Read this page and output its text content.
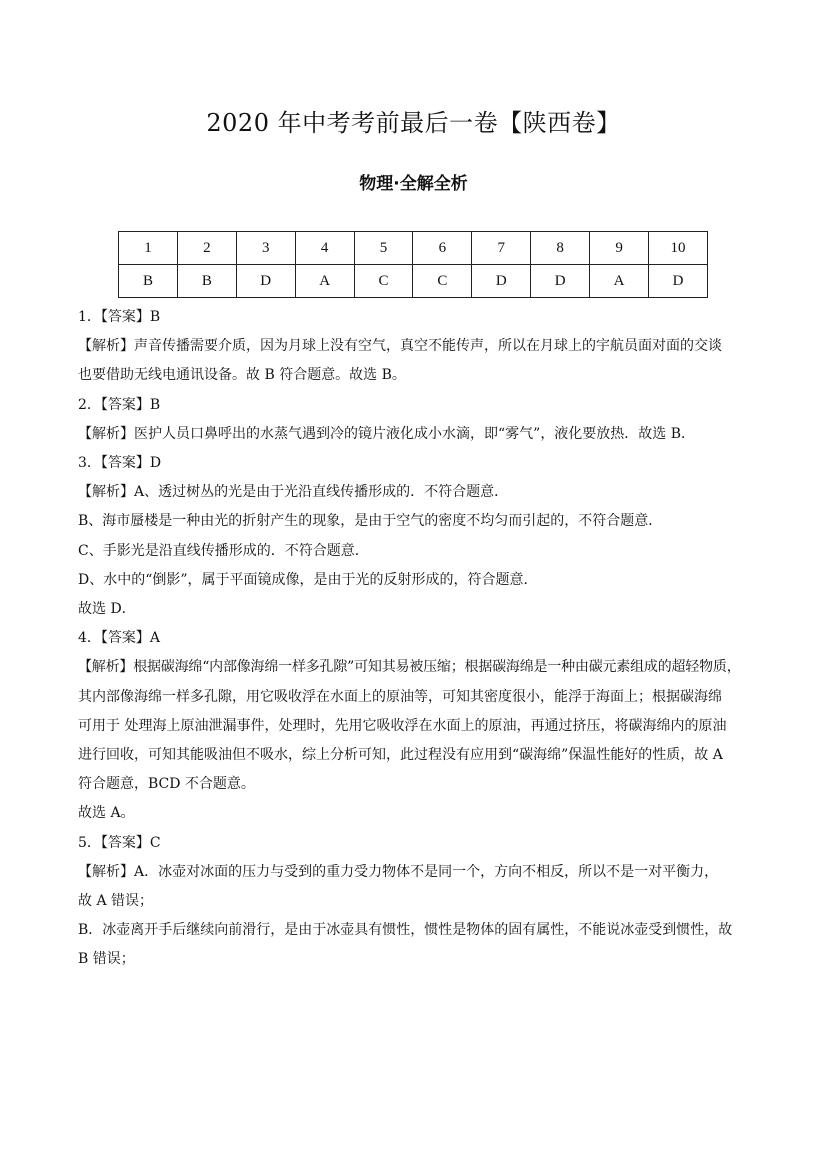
2020 年中考考前最后一卷【陕西卷】
物理·全解全析
1	2	3	4	5	6	7	8	9	10
B	B	D	A	C	C	D	D	A	D

1．【答案】B

【解析】声音传播需要介质，因为月球上没有空气，真空不能传声，所以在月球上的宇航员面对面的交谈

也要借助无线电通讯设备。故 B 符合题意。故选 B。

2．【答案】B

【解析】医护人员口鼻呼出的水蒸气遇到冷的镜片液化成小水滴，即“雾气”，液化要放热．故选 B．

3．【答案】D

【解析】A、透过树丛的光是由于光沿直线传播形成的．不符合题意．

B、海市蜃楼是一种由光的折射产生的现象，是由于空气的密度不均匀而引起的，不符合题意．

C、手影光是沿直线传播形成的．不符合题意．

D、水中的“倒影”，属于平面镜成像，是由于光的反射形成的，符合题意．

故选 D．

4．【答案】A

【解析】根据碳海绵“内部像海绵一样多孔隙”可知其易被压缩；根据碳海绵是一种由碳元素组成的超轻物质，

其内部像海绵一样多孔隙，用它吸收浮在水面上的原油等，可知其密度很小，能浮于海面上；根据碳海绵

可用于 处理海上原油泄漏事件，处理时，先用它吸收浮在水面上的原油，再通过挤压，将碳海绵内的原油

进行回收，可知其能吸油但不吸水，综上分析可知，此过程没有应用到“碳海绵”保温性能好的性质，故 A

符合题意，BCD 不合题意。

故选 A。

5．【答案】C

【解析】A．冰壶对冰面的压力与受到的重力受力物体不是同一个，方向不相反，所以不是一对平衡力，

故 A 错误；

B．冰壶离开手后继续向前滑行，是由于冰壶具有惯性，惯性是物体的固有属性，不能说冰壶受到惯性，故

B 错误；
